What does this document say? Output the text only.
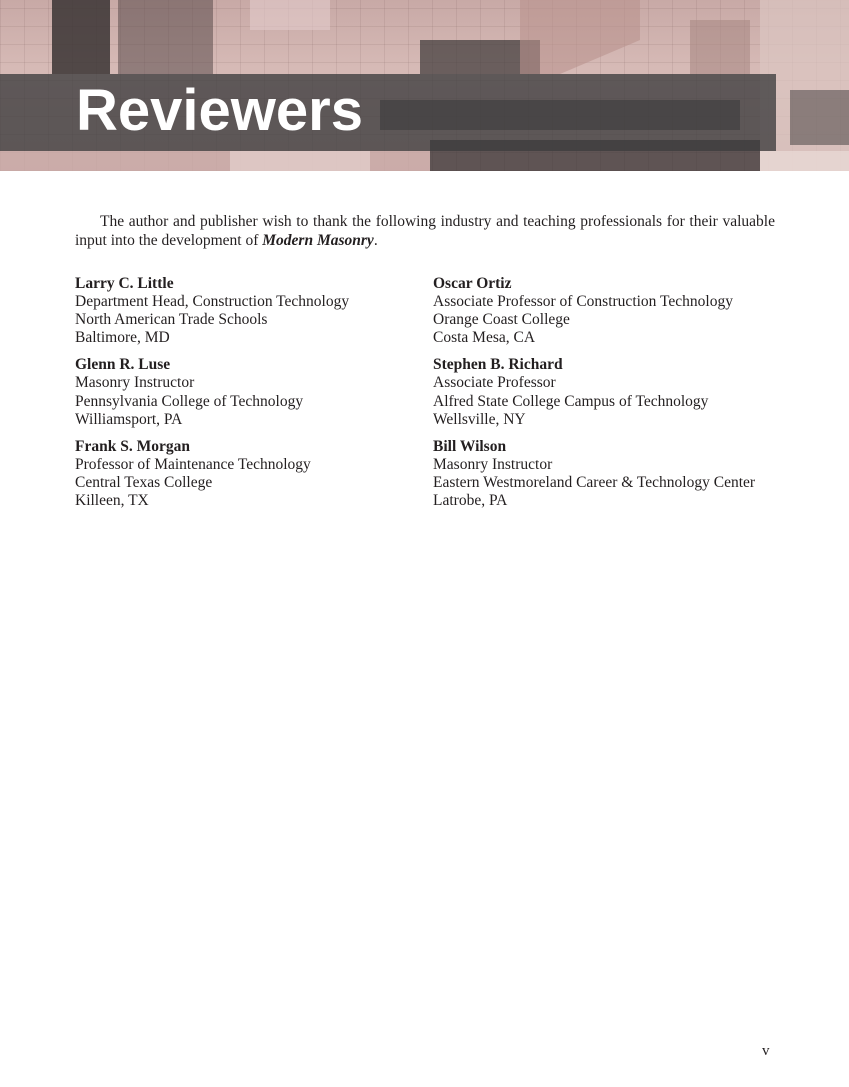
Reviewers

The author and publisher wish to thank the following industry and teaching professionals for their valuable input into the development of Modern Masonry.

Larry C. Little
Department Head, Construction Technology
North American Trade Schools
Baltimore, MD
Glenn R. Luse
Masonry Instructor
Pennsylvania College of Technology
Williamsport, PA
Frank S. Morgan
Professor of Maintenance Technology
Central Texas College
Killeen, TX
Oscar Ortiz
Associate Professor of Construction Technology
Orange Coast College
Costa Mesa, CA
Stephen B. Richard
Associate Professor
Alfred State College Campus of Technology
Wellsville, NY
Bill Wilson
Masonry Instructor
Eastern Westmoreland Career & Technology Center
Latrobe, PA
v
